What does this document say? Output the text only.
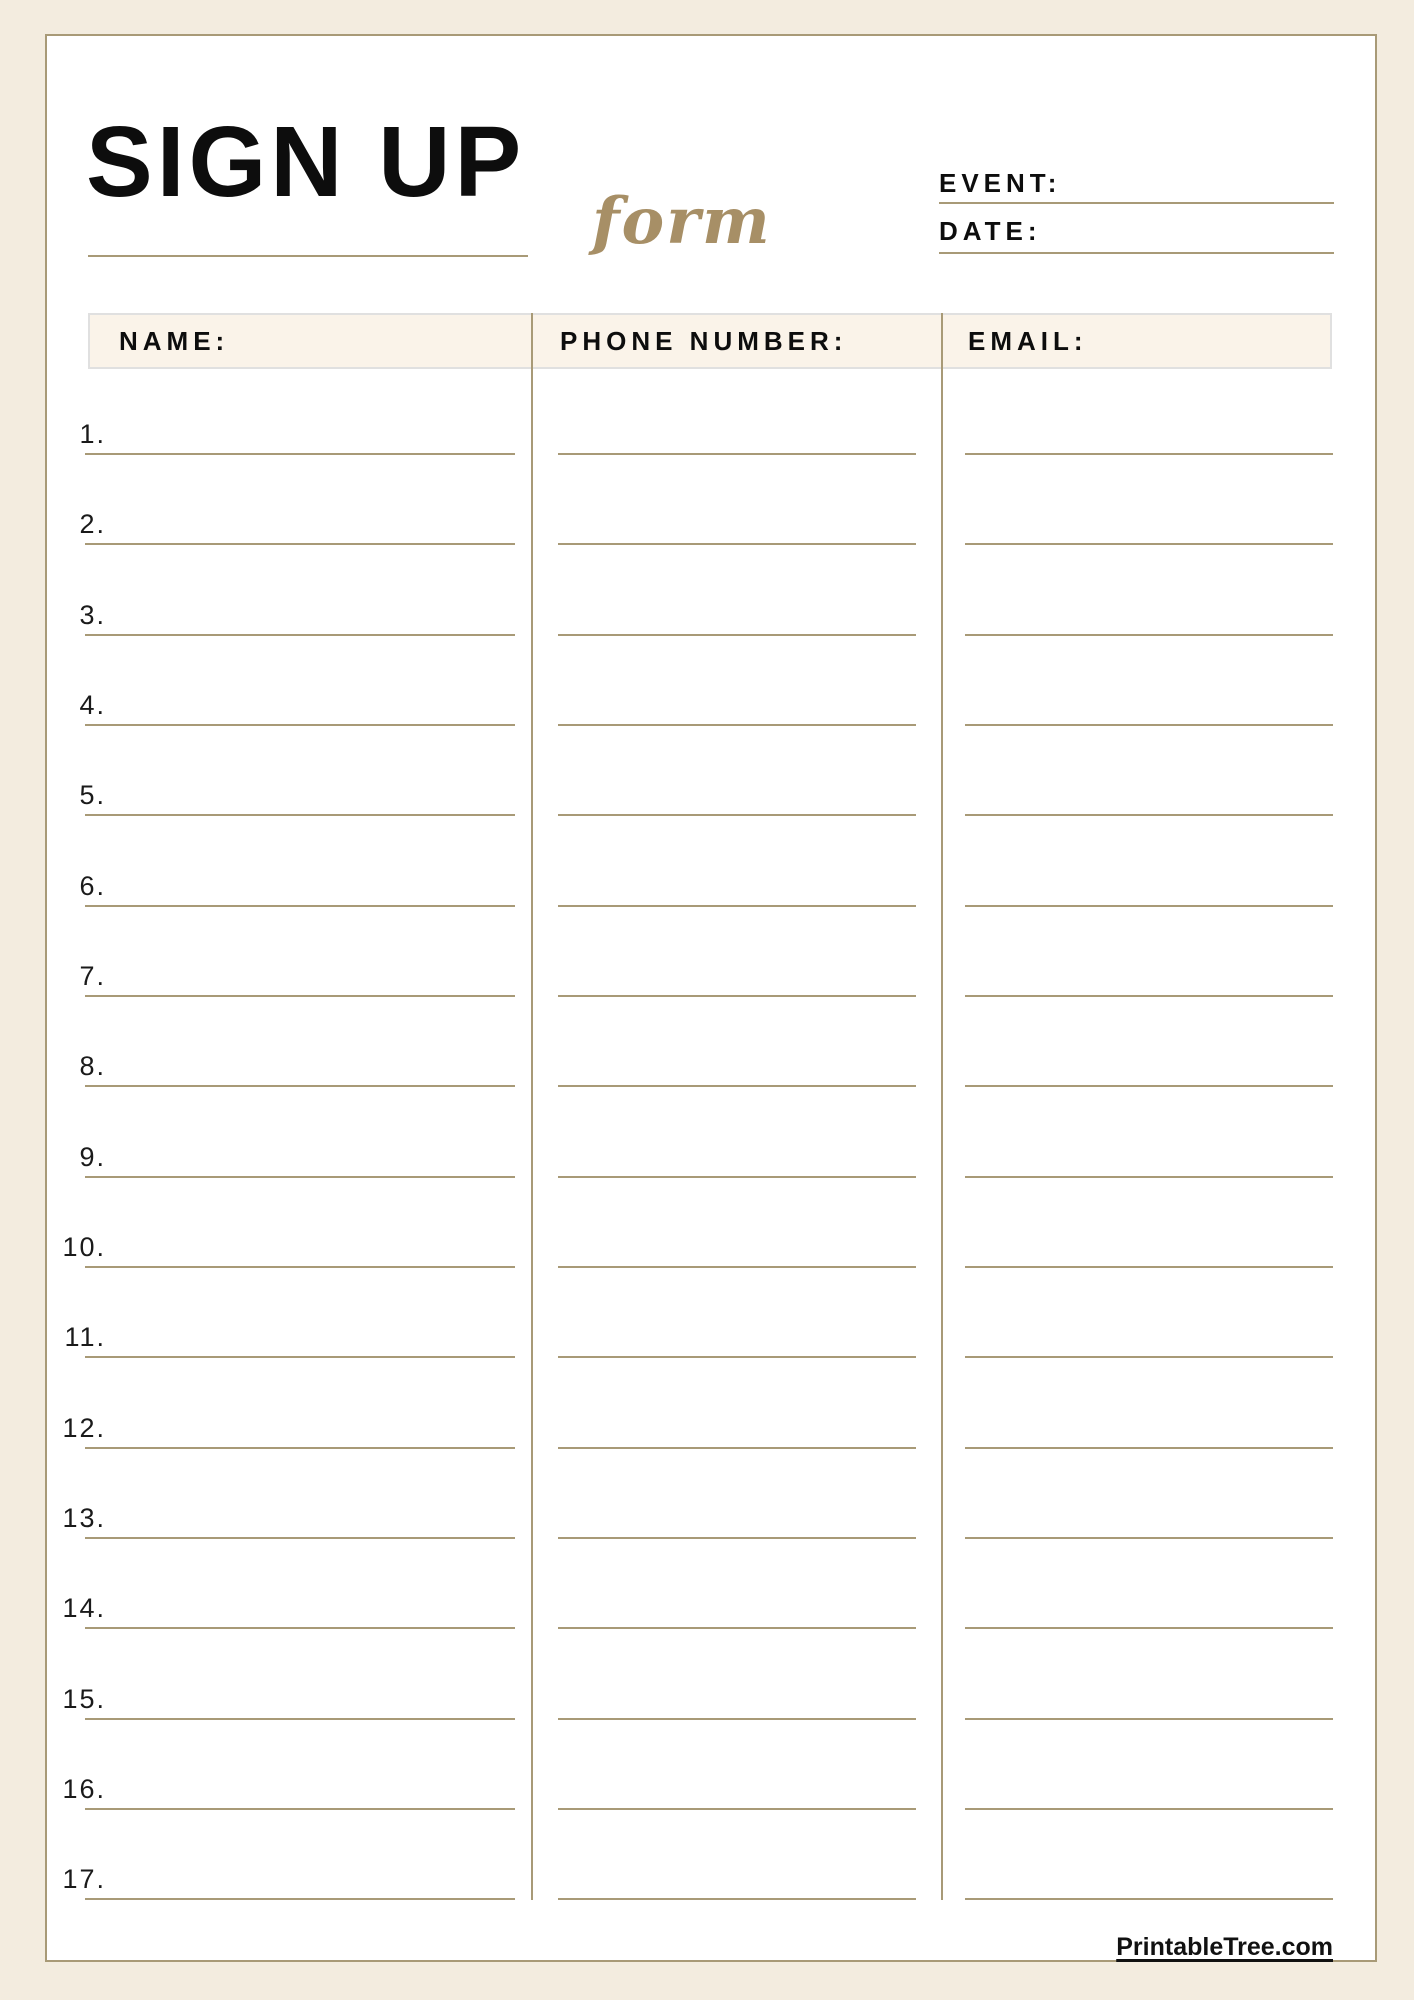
SIGN UP
form
EVENT:
DATE:
NAME:	PHONE NUMBER:	EMAIL:
1.
2.
3.
4.
5.
6.
7.
8.
9.
10.
11.
12.
13.
14.
15.
16.
17.
PrintableTree.com
